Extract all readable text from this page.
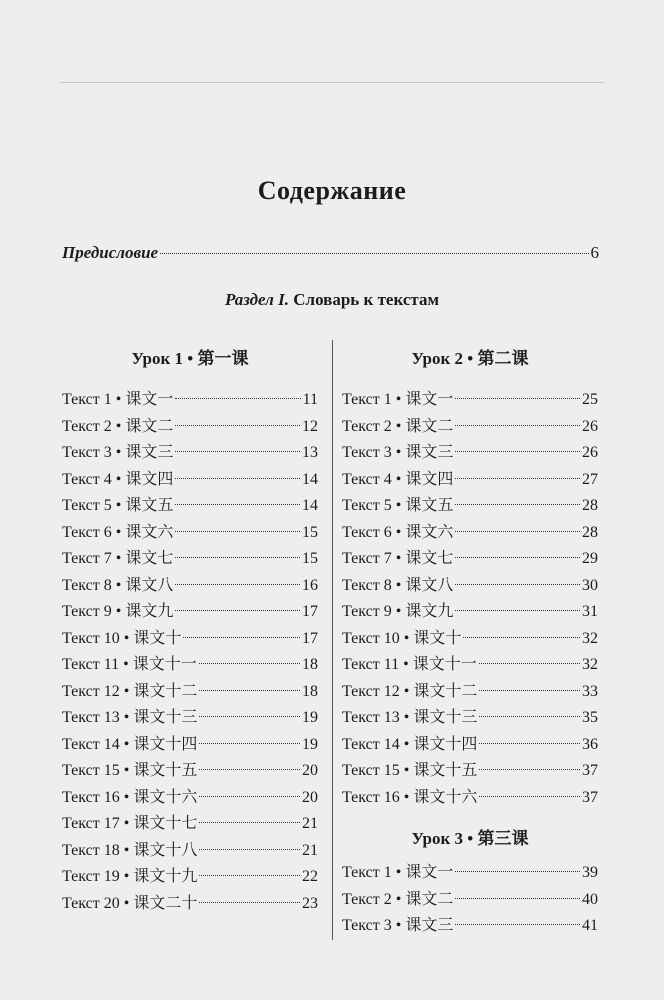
Содержание
Предисловие	6
Раздел I. Словарь к текстам
Урок 1 • 第一课
Текст 1 • 课文一	11
Текст 2 • 课文二	12
Текст 3 • 课文三	13
Текст 4 • 课文四	14
Текст 5 • 课文五	14
Текст 6 • 课文六	15
Текст 7 • 课文七	15
Текст 8 • 课文八	16
Текст 9 • 课文九	17
Текст 10 • 课文十	17
Текст 11 • 课文十一	18
Текст 12 • 课文十二	18
Текст 13 • 课文十三	19
Текст 14 • 课文十四	19
Текст 15 • 课文十五	20
Текст 16 • 课文十六	20
Текст 17 • 课文十七	21
Текст 18 • 课文十八	21
Текст 19 • 课文十九	22
Текст 20 • 课文二十	23
Урок 2 • 第二课
Текст 1 • 课文一	25
Текст 2 • 课文二	26
Текст 3 • 课文三	26
Текст 4 • 课文四	27
Текст 5 • 课文五	28
Текст 6 • 课文六	28
Текст 7 • 课文七	29
Текст 8 • 课文八	30
Текст 9 • 课文九	31
Текст 10 • 课文十	32
Текст 11 • 课文十一	32
Текст 12 • 课文十二	33
Текст 13 • 课文十三	35
Текст 14 • 课文十四	36
Текст 15 • 课文十五	37
Текст 16 • 课文十六	37
Урок 3 • 第三课
Текст 1 • 课文一	39
Текст 2 • 课文二	40
Текст 3 • 课文三	41
